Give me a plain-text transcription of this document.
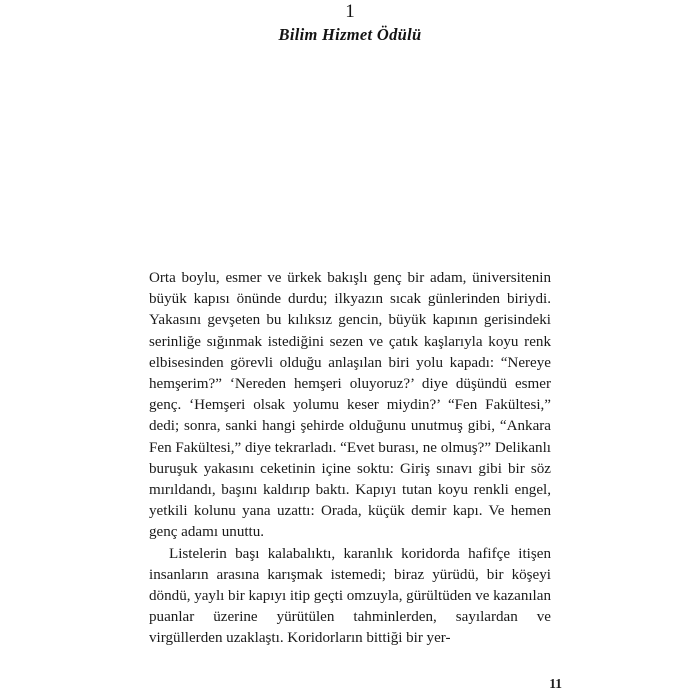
1
Bilim Hizmet Ödülü

Orta boylu, esmer ve ürkek bakışlı genç bir adam, üniversitenin büyük kapısı önünde durdu; ilkyazın sıcak günlerinden biriydi. Yakasını gevşeten bu kılıksız gencin, büyük kapının gerisindeki serinliğe sığınmak istediğini sezen ve çatık kaşlarıyla koyu renk elbisesinden görevli olduğu anlaşılan biri yolu kapadı: “Nereye hemşerim?” ‘Nereden hemşeri oluyoruz?’ diye düşündü esmer genç. ‘Hemşeri olsak yolumu keser miydin?’ “Fen Fakültesi,” dedi; sonra, sanki hangi şehirde olduğunu unutmuş gibi, “Ankara Fen Fakültesi,” diye tekrarladı. “Evet burası, ne olmuş?” Delikanlı buruşuk yakasını ceketinin içine soktu: Giriş sınavı gibi bir söz mırıldandı, başını kaldırıp baktı. Kapıyı tutan koyu renkli engel, yetkili kolunu yana uzattı: Orada, küçük demir kapı. Ve hemen genç adamı unuttu.

Listelerin başı kalabalıktı, karanlık koridorda hafifçe itişen insanların arasına karışmak istemedi; biraz yürüdü, bir köşeyi döndü, yaylı bir kapıyı itip geçti omzuyla, gürültüden ve kazanılan puanlar üzerine yürütülen tahminlerden, sayılardan ve virgüllerden uzaklaştı. Koridorların bittiği bir yer-

11
